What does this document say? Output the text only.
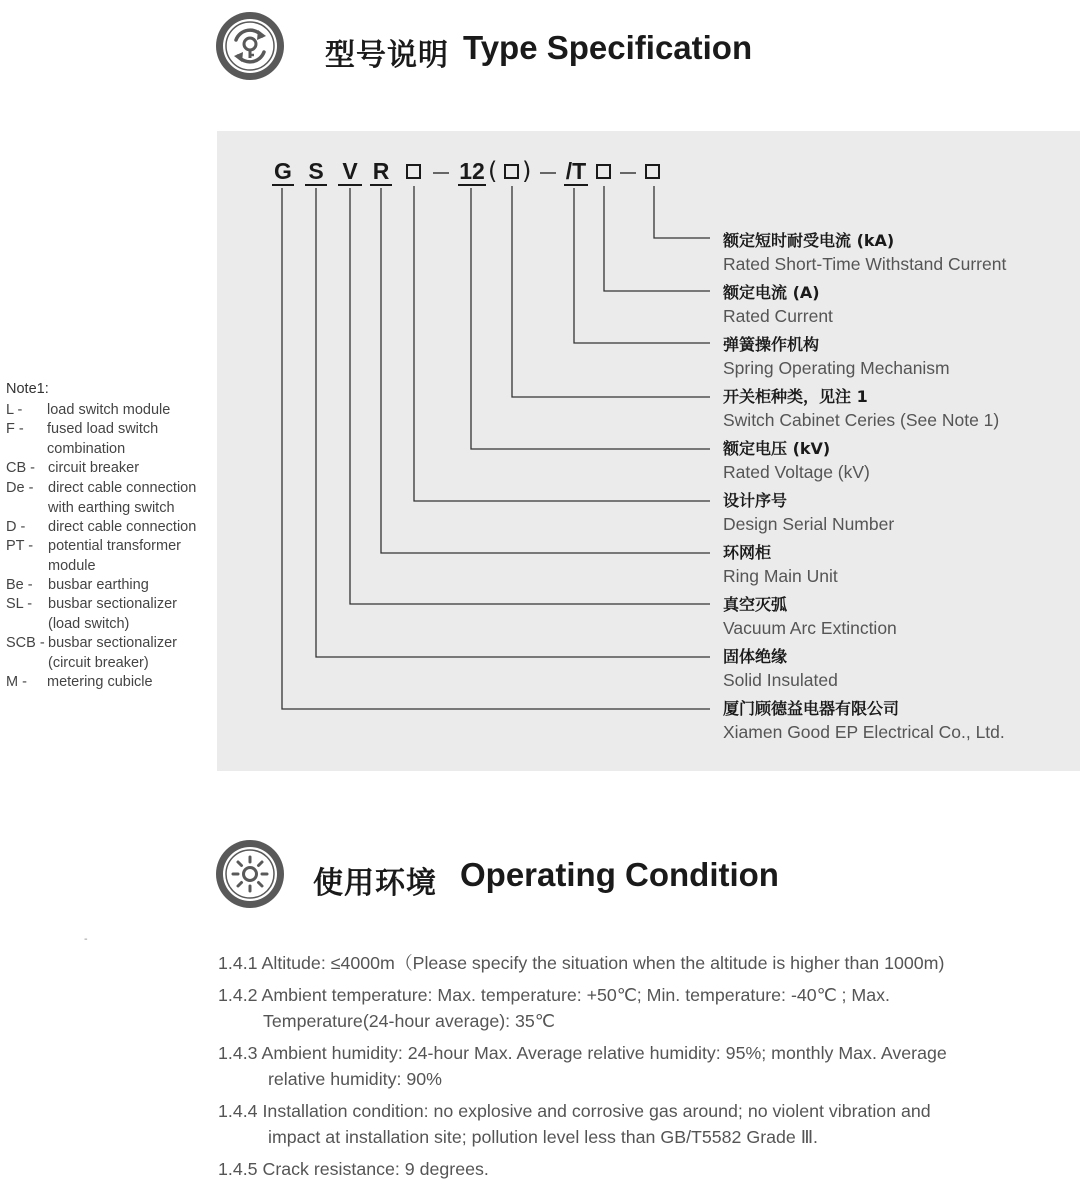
型号说明 Type Specification
G S V R	12 ( ) /T
额定短时耐受电流 (kA)
Rated Short-Time Withstand Current
额定电流 (A)
Rated Current
弹簧操作机构
Spring Operating Mechanism
开关柜种类，见注 1
Switch Cabinet Ceries (See Note 1)
额定电压 (kV)
Rated Voltage (kV)
设计序号
Design Serial Number
环网柜
Ring Main Unit
真空灭弧
Vacuum Arc Extinction
固体绝缘
Solid Insulated
厦门顾德益电器有限公司
Xiamen Good EP Electrical Co., Ltd.
Note1:
L - load switch module
F - fused load switch
combination
CB - circuit breaker
De - direct cable connection
with earthing switch
D - direct cable connection
PT - potential transformer
module
Be - busbar earthing
SL - busbar sectionalizer
(load switch)
SCB - busbar sectionalizer
(circuit breaker)
M - metering cubicle
使用环境 Operating Condition
-
1.4.1 Altitude: ≤4000m（Please specify the situation when the altitude is higher than 1000m)
1.4.2 Ambient temperature: Max. temperature: +50℃; Min. temperature: -40℃ ; Max.
Temperature(24-hour average): 35℃
1.4.3 Ambient humidity: 24-hour Max. Average relative humidity: 95%; monthly Max. Average
relative humidity: 90%
1.4.4 Installation condition: no explosive and corrosive gas around; no violent vibration and
impact at installation site; pollution level less than GB/T5582 Grade Ⅲ.
1.4.5 Crack resistance: 9 degrees.
